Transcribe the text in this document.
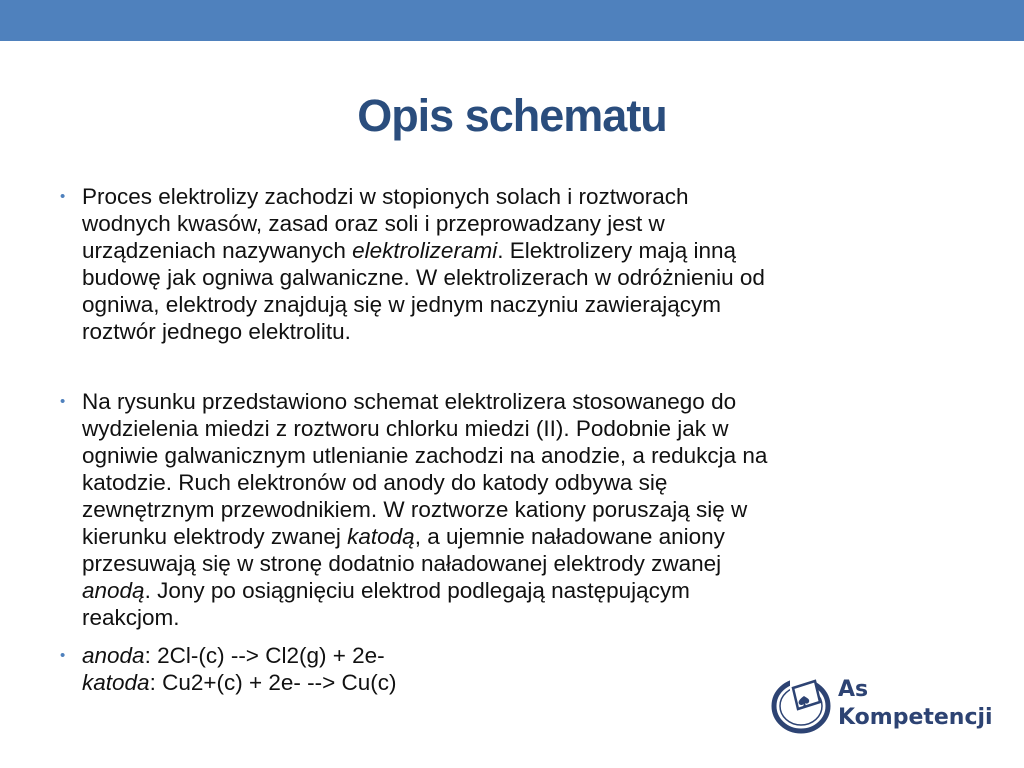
Opis schematu
• Proces elektrolizy zachodzi w stopionych solach i roztworach
wodnych kwasów, zasad oraz soli i przeprowadzany jest w
urządzeniach nazywanych elektrolizerami. Elektrolizery mają inną
budowę jak ogniwa galwaniczne. W elektrolizerach w odróżnieniu od
ogniwa, elektrody znajdują się w jednym naczyniu zawierającym
roztwór jednego elektrolitu.
• Na rysunku przedstawiono schemat elektrolizera stosowanego do
wydzielenia miedzi z roztworu chlorku miedzi (II). Podobnie jak w
ogniwie galwanicznym utlenianie zachodzi na anodzie, a redukcja na
katodzie. Ruch elektronów od anody do katody odbywa się
zewnętrznym przewodnikiem. W roztworze kationy poruszają się w
kierunku elektrody zwanej katodą, a ujemnie naładowane aniony
przesuwają się w stronę dodatnio naładowanej elektrody zwanej
anodą. Jony po osiągnięciu elektrod podlegają następującym
reakcjom.
• anoda: 2Cl-(c) --> Cl2(g) + 2e-
katoda: Cu2+(c) + 2e- --> Cu(c)	As
Kompetencji
